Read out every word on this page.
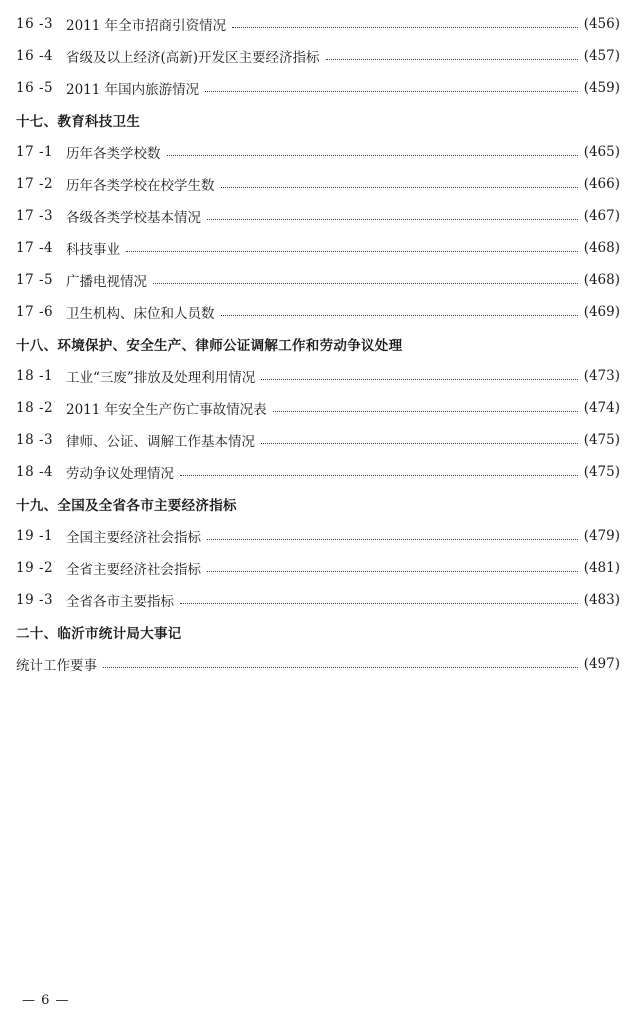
16 -3 2011 年全市招商引资情况	(456)
16 -4 省级及以上经济(高新)开发区主要经济指标	(457)
16 -5 2011 年国内旅游情况	(459)
十七、教育科技卫生
17 -1 历年各类学校数	(465)
17 -2 历年各类学校在校学生数	(466)
17 -3 各级各类学校基本情况	(467)
17 -4 科技事业	(468)
17 -5 广播电视情况	(468)
17 -6 卫生机构、床位和人员数	(469)
十八、环境保护、安全生产、律师公证调解工作和劳动争议处理
18 -1 工业“三废”排放及处理利用情况	(473)
18 -2 2011 年安全生产伤亡事故情况表	(474)
18 -3 律师、公证、调解工作基本情况	(475)
18 -4 劳动争议处理情况	(475)
十九、全国及全省各市主要经济指标
19 -1 全国主要经济社会指标	(479)
19 -2 全省主要经济社会指标	(481)
19 -3 全省各市主要指标	(483)
二十、临沂市统计局大事记
统计工作要事	(497)
— 6 —
